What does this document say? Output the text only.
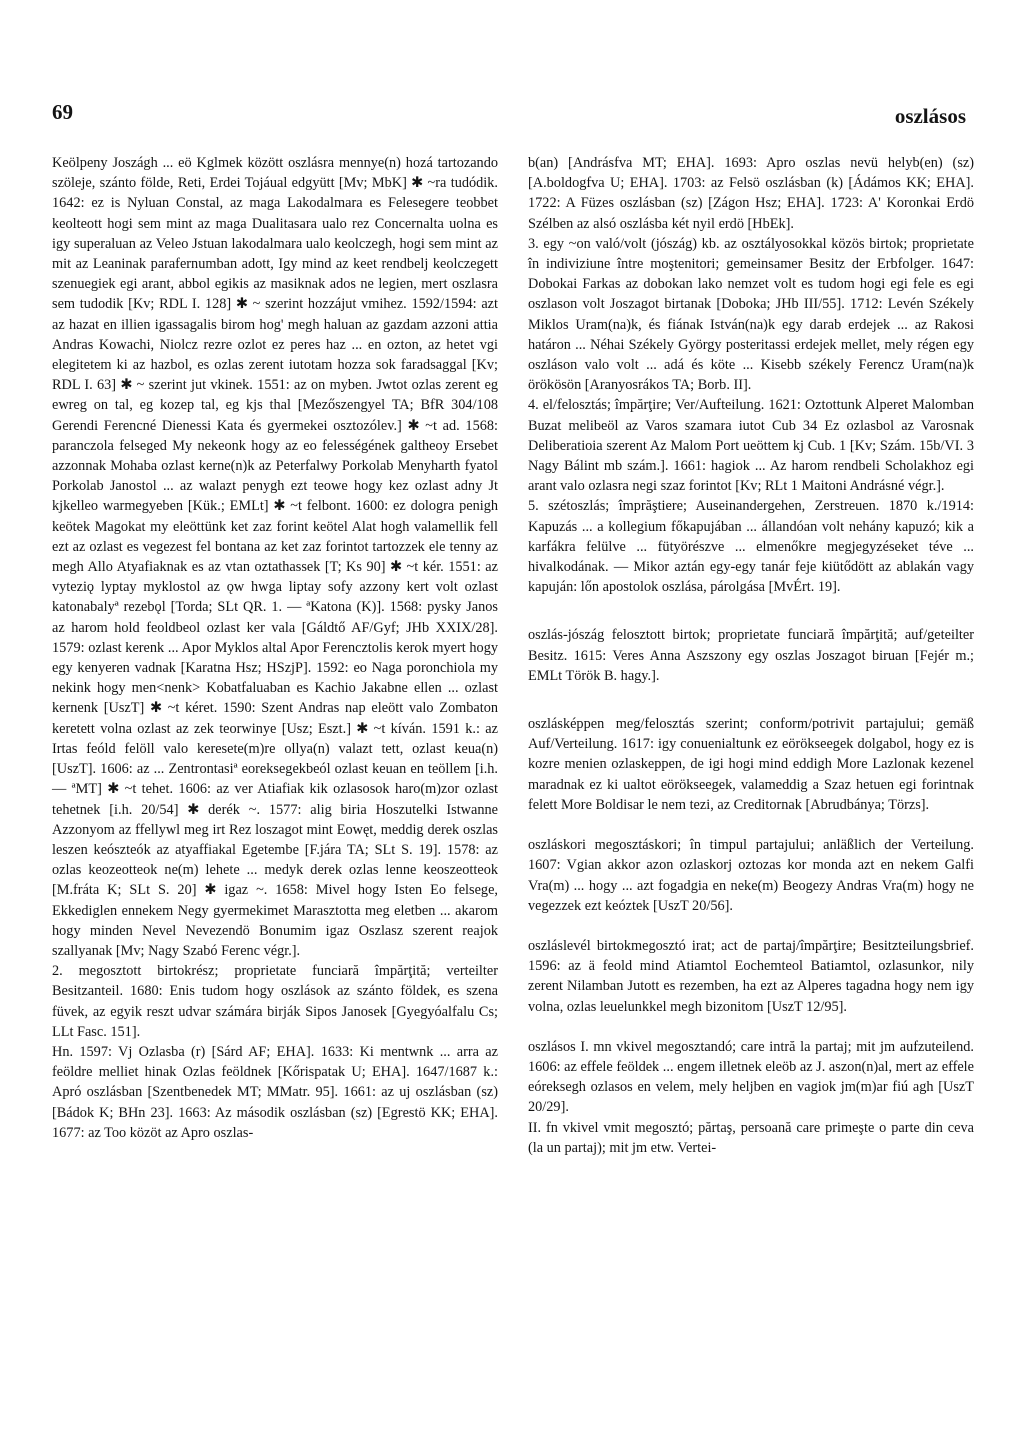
69	oszlásos

Keölpeny Joszágh ... eö Kglmek között oszlásra mennye(n) hozá tartozando szöleje, szánto földe, Reti, Erdei Tojáual edgyütt [Mv; MbK] ✱ ~ra tudódik. 1642: ez is Nyluan Constal, az maga Lakodalmara es Felesegere teobbet keolteott hogi sem mint az maga Dualitasara ualo rez Concernalta uolna es igy superaluan az Veleo Jstuan lakodalmara ualo keolczegh, hogi sem mint az mit az Leaninak parafernumban adott, Igy mind az keet rendbelj keolczegett szenuegiek egi arant, abbol egikis az masiknak ados ne legien, mert oszlasra sem tudodik [Kv; RDL I. 128] ✱ ~ szerint hozzájut vmihez. 1592/1594: azt az hazat en illien igassagalis birom hog' megh haluan az gazdam azzoni attia Andras Kowachi, Niolcz rezre ozlot ez peres haz ... en ozton, az hetet vgi elegitetem ki az hazbol, es ozlas zerent iutotam hozza sok faradsaggal [Kv; RDL I. 63] ✱ ~ szerint jut vkinek. 1551: az on myben. Jwtot ozlas zerent eg ewreg on tal, eg kozep tal, eg kjs thal [Mezőszengyel TA; BfR 304/108 Gerendi Ferencné Dienessi Kata és gyermekei osztozólev.] ✱ ~t ad. 1568: paranczola felseged My nekeonk hogy az eo felességének galtheoy Ersebet azzonnak Mohaba ozlast kerne(n)k az Peterfalwy Porkolab Menyharth fyatol Porkolab Janostol ... az walazt penygh ezt teowe hogy kez ozlast adny Jt kjkelleo warmegyeben [Kük.; EMLt] ✱ ~t felbont. 1600: ez dologra penigh keötek Magokat my eleöttünk ket zaz forint keötel Alat hogh valamellik fell ezt az ozlast es vegezest fel bontana az ket zaz forintot tartozzek ele tenny az megh Allo Atyafiaknak es az vtan oztathassek [T; Ks 90] ✱ ~t kér. 1551: az vyteziǫ lyptay myklostol az ǫw hwga liptay sofy azzony kert volt ozlast katonabalyª rezebǫl [Torda; SLt QR. 1. — ªKatona (K)]. 1568: pysky Janos az harom hold feoldbeol ozlast ker vala [Gáldtő AF/Gyf; JHb XXIX/28]. 1579: ozlast kerenk ... Apor Myklos altal Apor Ferencztolis kerok myert hogy egy kenyeren vadnak [Karatna Hsz; HSzjP]. 1592: eo Naga poronchiola my nekink hogy men<nenk> Kobatfaluaban es Kachio Jakabne ellen ... ozlast kernenk [UszT] ✱ ~t kéret. 1590: Szent Andras nap eleött valo Zombaton keretett volna ozlast az zek teorwinye [Usz; Eszt.] ✱ ~t kíván. 1591 k.: az Irtas feóld felöll valo keresete(m)re ollya(n) valazt tett, ozlast keua(n) [UszT]. 1606: az ... Zentrontasiª eoreksegekbeól ozlast keuan en teöllem [i.h. — ªMT] ✱ ~t tehet. 1606: az ver Atiafiak kik ozlasosok haro(m)zor ozlast tehetnek [i.h. 20/54] ✱ derék ~. 1577: alig biria Hoszutelki Istwanne Azzonyom az ffellywl meg irt Rez loszagot mint Eowęt, meddig derek oszlas leszen keószteók az atyaffiakal Egetembe [F.jára TA; SLt S. 19]. 1578: az ozlas keozeotteok ne(m) lehete ... medyk derek ozlas lenne keoszeotteok [M.fráta K; SLt S. 20] ✱ igaz ~. 1658: Mivel hogy Isten Eo felsege, Ekkediglen ennekem Negy gyermekimet Marasztotta meg eletben ... akarom hogy minden Nevel Nevezendö Bonumim igaz Oszlasz szerent reajok szallyanak [Mv; Nagy Szabó Ferenc végr.].

2. megosztott birtokrész; proprietate funciară împărţită; verteilter Besitzanteil. 1680: Enis tudom hogy oszlások az szánto földek, es szena füvek, az egyik reszt udvar számára birják Sipos Janosek [Gyegyóalfalu Cs; LLt Fasc. 151].

Hn. 1597: Vj Ozlasba (r) [Sárd AF; EHA]. 1633: Ki mentwnk ... arra az feöldre melliet hinak Ozlas feöldnek [Kőrispatak U; EHA]. 1647/1687 k.: Apró oszlásban [Szentbenedek MT; MMatr. 95]. 1661: az uj oszlásban (sz) [Bádok K; BHn 23]. 1663: Az második oszlásban (sz) [Egrestö KK; EHA]. 1677: az Too közöt az Apro oszlas-

b(an) [Andrásfva MT; EHA]. 1693: Apro oszlas nevü helyb(en) (sz) [A.boldogfva U; EHA]. 1703: az Felsö oszlásban (k) [Ádámos KK; EHA]. 1722: A Füzes oszlásban (sz) [Zágon Hsz; EHA]. 1723: A' Koronkai Erdö Szélben az alsó oszlásba két nyil erdö [HbEk].

3. egy ~on való/volt (jószág) kb. az osztályosokkal közös birtok; proprietate în indiviziune între moştenitori; gemeinsamer Besitz der Erbfolger. 1647: Dobokai Farkas az dobokan lako nemzet volt es tudom hogi egi fele es egi oszlason volt Joszagot birtanak [Doboka; JHb III/55]. 1712: Levén Székely Miklos Uram(na)k, és fiának István(na)k egy darab erdejek ... az Rakosi határon ... Néhai Székely György posteritassi erdejek mellet, mely régen egy oszláson valo volt ... adá és köte ... Kisebb székely Ferencz Uram(na)k örökösön [Aranyosrákos TA; Borb. II].

4. el/felosztás; împărţire; Ver/Aufteilung. 1621: Oztottunk Alperet Malomban Buzat melibeöl az Varos szamara iutot Cub 34 Ez ozlasbol az Varosnak Deliberatioia szerent Az Malom Port ueöttem kj Cub. 1 [Kv; Szám. 15b/VI. 3 Nagy Bálint mb szám.]. 1661: hagiok ... Az harom rendbeli Scholakhoz egi arant valo ozlasra negi szaz forintot [Kv; RLt 1 Maitoni Andrásné végr.].

5. szétoszlás; împrăştiere; Auseinandergehen, Zerstreuen. 1870 k./1914: Kapuzás ... a kollegium főkapujában ... állandóan volt nehány kapuzó; kik a karfákra felülve ... fütyörészve ... elmenőkre megjegyzéseket téve ... hivalkodának. — Mikor aztán egy-egy tanár feje kiütődött az ablakán vagy kapuján: lőn apostolok oszlása, párolgása [MvÉrt. 19].

oszlás-jószág felosztott birtok; proprietate funciară împărţită; auf/geteilter Besitz. 1615: Veres Anna Aszszony egy oszlas Joszagot biruan [Fejér m.; EMLt Török B. hagy.].

oszlásképpen meg/felosztás szerint; conform/potrivit partajului; gemäß Auf/Verteilung. 1617: igy conuenialtunk ez eörökseegek dolgabol, hogy ez is kozre menien ozlaskeppen, de igi hogi mind eddigh More Lazlonak kezenel maradnak ez ki ualtot eörökseegek, valameddig a Szaz hetuen egi forintnak felett More Boldisar le nem tezi, az Creditornak [Abrudbánya; Törzs].

oszláskori megosztáskori; în timpul partajului; anläßlich der Verteilung. 1607: Vgian akkor azon ozlaskorj oztozas kor monda azt en nekem Galfi Vra(m) ... hogy ... azt fogadgia en neke(m) Beogezy Andras Vra(m) hogy ne vegezzek ezt keóztek [UszT 20/56].

oszláslevél birtokmegosztó irat; act de partaj/împărţire; Besitzteilungsbrief. 1596: az ä feold mind Atiamtol Eochemteol Batiamtol, ozlasunkor, nily zerent Nilamban Jutott es rezemben, ha ezt az Alperes tagadna hogy nem igy volna, ozlas leuelunkkel megh bizonitom [UszT 12/95].

oszlásos I. mn vkivel megosztandó; care intră la partaj; mit jm aufzuteilend. 1606: az effele feöldek ... engem illetnek eleöb az J. aszon(n)al, mert az effele eóreksegh ozlasos en velem, mely heljben en vagiok jm(m)ar fiú agh [UszT 20/29].

II. fn vkivel vmit megosztó; părtaş, persoană care primeşte o parte din ceva (la un partaj); mit jm etw. Vertei-
